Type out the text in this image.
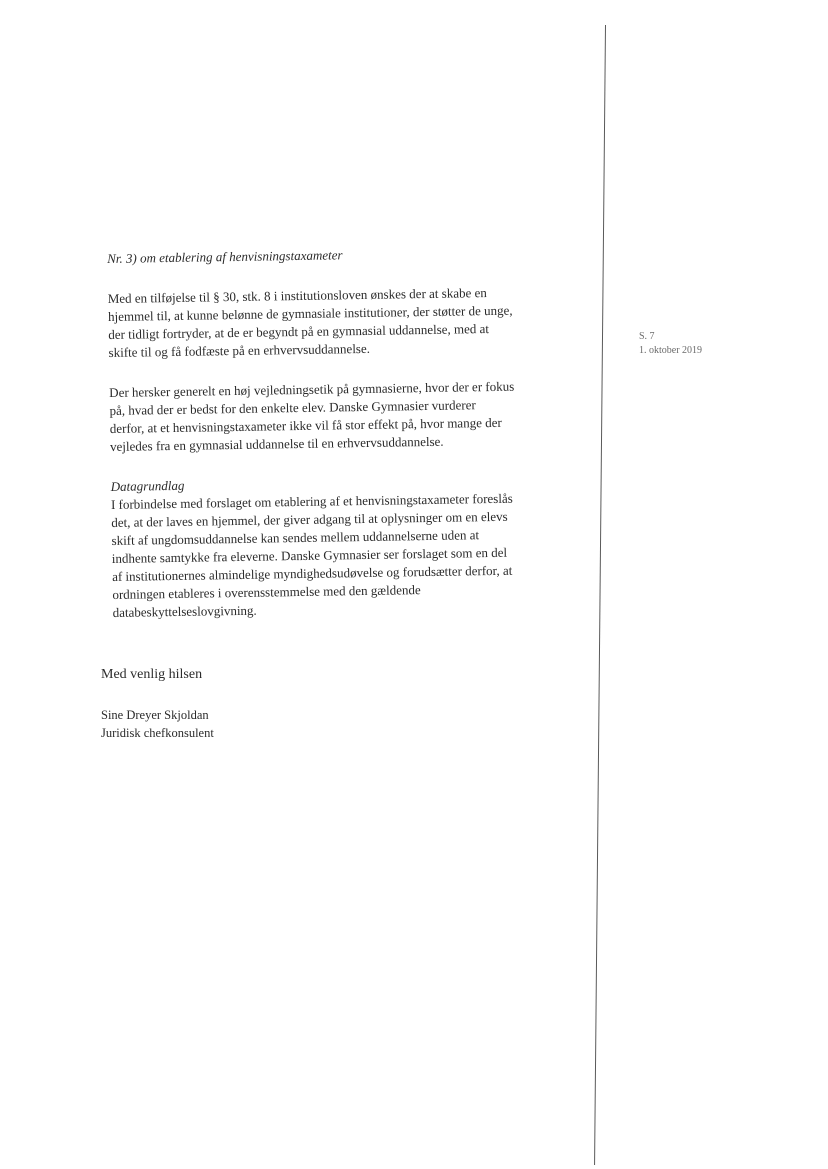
S. 7
1. oktober 2019
Nr. 3) om etablering af henvisningstaxameter
Med en tilføjelse til § 30, stk. 8 i institutionsloven ønskes der at skabe en
hjemmel til, at kunne belønne de gymnasiale institutioner, der støtter de unge,
der tidligt fortryder, at de er begyndt på en gymnasial uddannelse, med at
skifte til og få fodfæste på en erhvervsuddannelse.
Der hersker generelt en høj vejledningsetik på gymnasierne, hvor der er fokus
på, hvad der er bedst for den enkelte elev. Danske Gymnasier vurderer
derfor, at et henvisningstaxameter ikke vil få stor effekt på, hvor mange der
vejledes fra en gymnasial uddannelse til en erhvervsuddannelse.
Datagrundlag
I forbindelse med forslaget om etablering af et henvisningstaxameter foreslås
det, at der laves en hjemmel, der giver adgang til at oplysninger om en elevs
skift af ungdomsuddannelse kan sendes mellem uddannelserne uden at
indhente samtykke fra eleverne. Danske Gymnasier ser forslaget som en del
af institutionernes almindelige myndighedsudøvelse og forudsætter derfor, at
ordningen etableres i overensstemmelse med den gældende
databeskyttelseslovgivning.
Med venlig hilsen
Sine Dreyer Skjoldan
Juridisk chefkonsulent
